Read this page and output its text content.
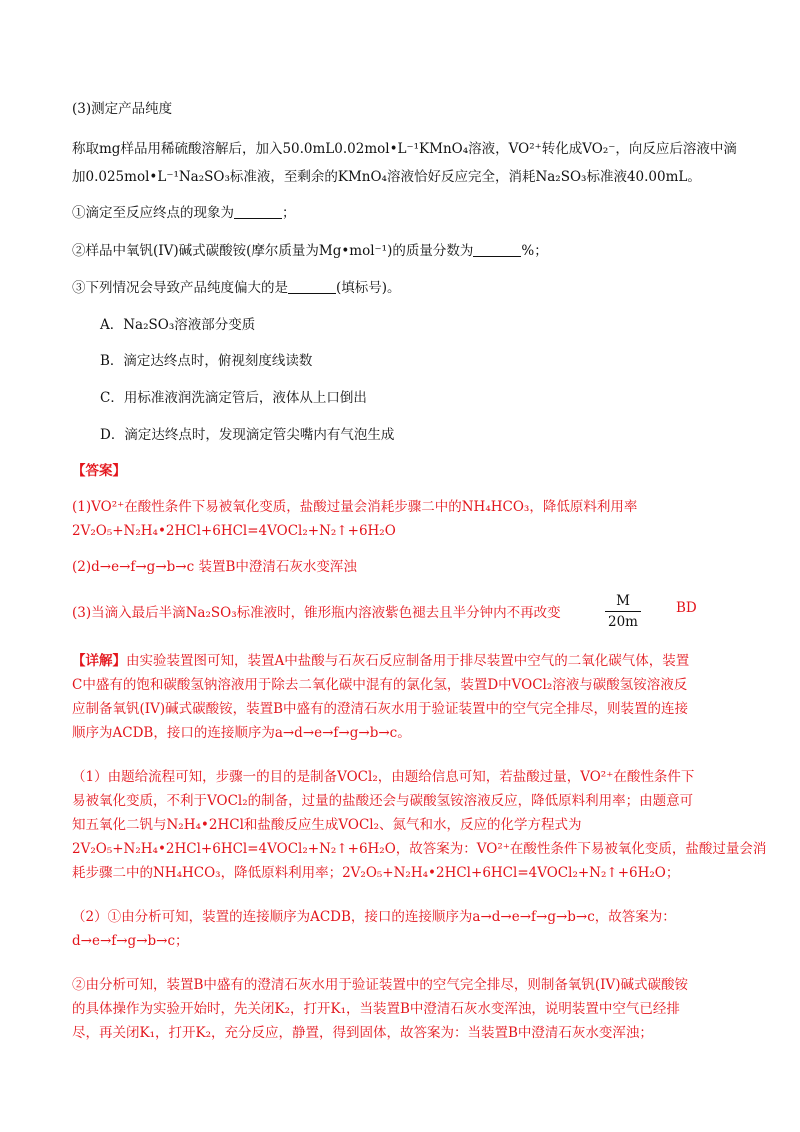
(3)测定产品纯度
称取mg样品用稀硫酸溶解后，加入50.0mL0.02mol•L⁻¹KMnO₄溶液，VO²⁺转化成VO₂⁻，向反应后溶液中滴
加0.025mol•L⁻¹Na₂SO₃标准液，至剩余的KMnO₄溶液恰好反应完全，消耗Na₂SO₃标准液40.00mL。
①滴定至反应终点的现象为	；
②样品中氧钒(IV)碱式碳酸铵(摩尔质量为Mg•mol⁻¹)的质量分数为	%；
③下列情况会导致产品纯度偏大的是	(填标号)。
A．Na₂SO₃溶液部分变质
B．滴定达终点时，俯视刻度线读数
C．用标准液润洗滴定管后，液体从上口倒出
D．滴定达终点时，发现滴定管尖嘴内有气泡生成
【答案】
(1)VO²⁺在酸性条件下易被氧化变质，盐酸过量会消耗步骤二中的NH₄HCO₃，降低原料利用率
2V₂O₅+N₂H₄•2HCl+6HCl=4VOCl₂+N₂↑+6H₂O
(2)d→e→f→g→b→c 装置B中澄清石灰水变浑浊
(3)当滴入最后半滴Na₂SO₃标准液时，锥形瓶内溶液紫色褪去且半分钟内不再改变
M
20m
BD
【详解】由实验装置图可知，装置A中盐酸与石灰石反应制备用于排尽装置中空气的二氧化碳气体，装置
C中盛有的饱和碳酸氢钠溶液用于除去二氧化碳中混有的氯化氢，装置D中VOCl₂溶液与碳酸氢铵溶液反
应制备氧钒(IV)碱式碳酸铵，装置B中盛有的澄清石灰水用于验证装置中的空气完全排尽，则装置的连接
顺序为ACDB，接口的连接顺序为a→d→e→f→g→b→c。
（1）由题给流程可知，步骤一的目的是制备VOCl₂，由题给信息可知，若盐酸过量，VO²⁺在酸性条件下
易被氧化变质，不利于VOCl₂的制备，过量的盐酸还会与碳酸氢铵溶液反应，降低原料利用率；由题意可
知五氧化二钒与N₂H₄•2HCl和盐酸反应生成VOCl₂、氮气和水，反应的化学方程式为
2V₂O₅+N₂H₄•2HCl+6HCl=4VOCl₂+N₂↑+6H₂O，故答案为：VO²⁺在酸性条件下易被氧化变质，盐酸过量会消
耗步骤二中的NH₄HCO₃，降低原料利用率；2V₂O₅+N₂H₄•2HCl+6HCl=4VOCl₂+N₂↑+6H₂O；
（2）①由分析可知，装置的连接顺序为ACDB，接口的连接顺序为a→d→e→f→g→b→c，故答案为：
d→e→f→g→b→c；
②由分析可知，装置B中盛有的澄清石灰水用于验证装置中的空气完全排尽，则制备氧钒(IV)碱式碳酸铵
的具体操作为实验开始时，先关闭K₂，打开K₁，当装置B中澄清石灰水变浑浊，说明装置中空气已经排
尽，再关闭K₁，打开K₂，充分反应，静置，得到固体，故答案为：当装置B中澄清石灰水变浑浊；
